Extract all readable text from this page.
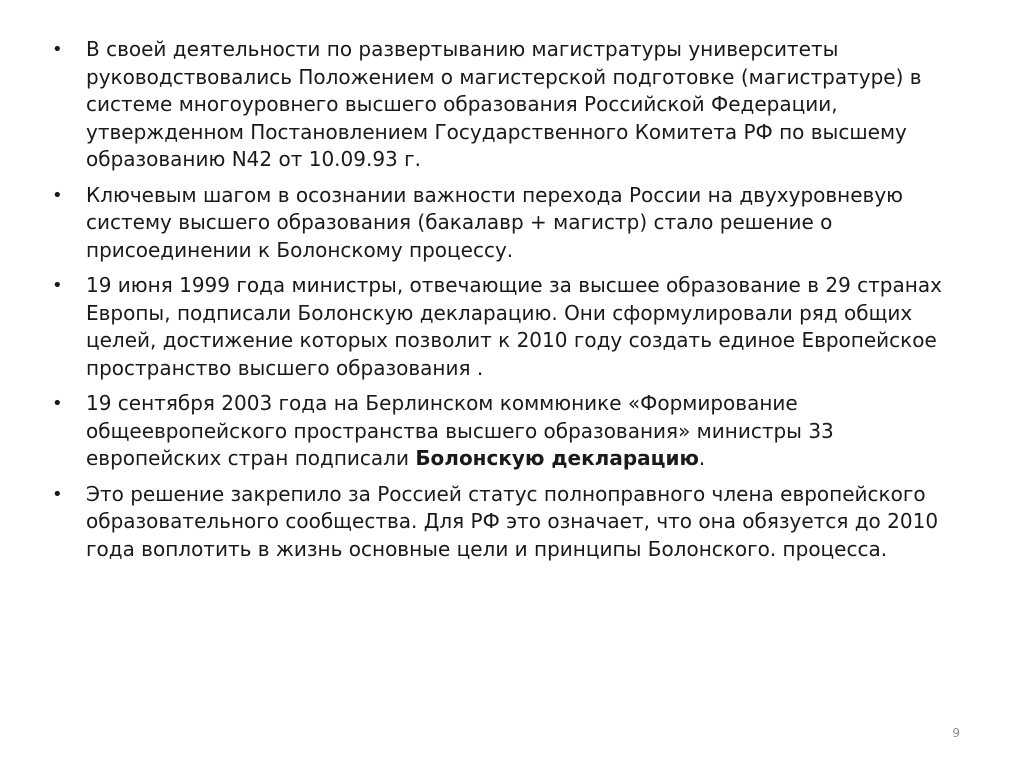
•	В своей деятельности по развертыванию магистратуры университеты руководствовались Положением о магистерской подготовке (магистратуре) в системе многоуровнего высшего образования Российской Федерации, утвержденном Постановлением Государственного Комитета РФ по высшему образованию N42 от 10.09.93 г.
•	Ключевым шагом в осознании важности перехода России на двухуровневую систему высшего образования (бакалавр + магистр) стало решение о присоединении к Болонскому процессу.
•	19 июня 1999 года министры, отвечающие за высшее образование в 29 странах Европы, подписали Болонскую декларацию. Они сформулировали ряд общих целей, достижение которых позволит к 2010 году создать единое Европейское пространство высшего образования .
•	19 сентября 2003 года на Берлинском коммюнике «Формирование общеевропейского пространства высшего образования» министры 33 европейских стран подписали Болонскую декларацию.
•	Это решение закрепило за Россией статус полноправного члена европейского образовательного сообщества. Для РФ это означает, что она обязуется до 2010 года воплотить в жизнь основные цели и принципы Болонского. процесса.
9
